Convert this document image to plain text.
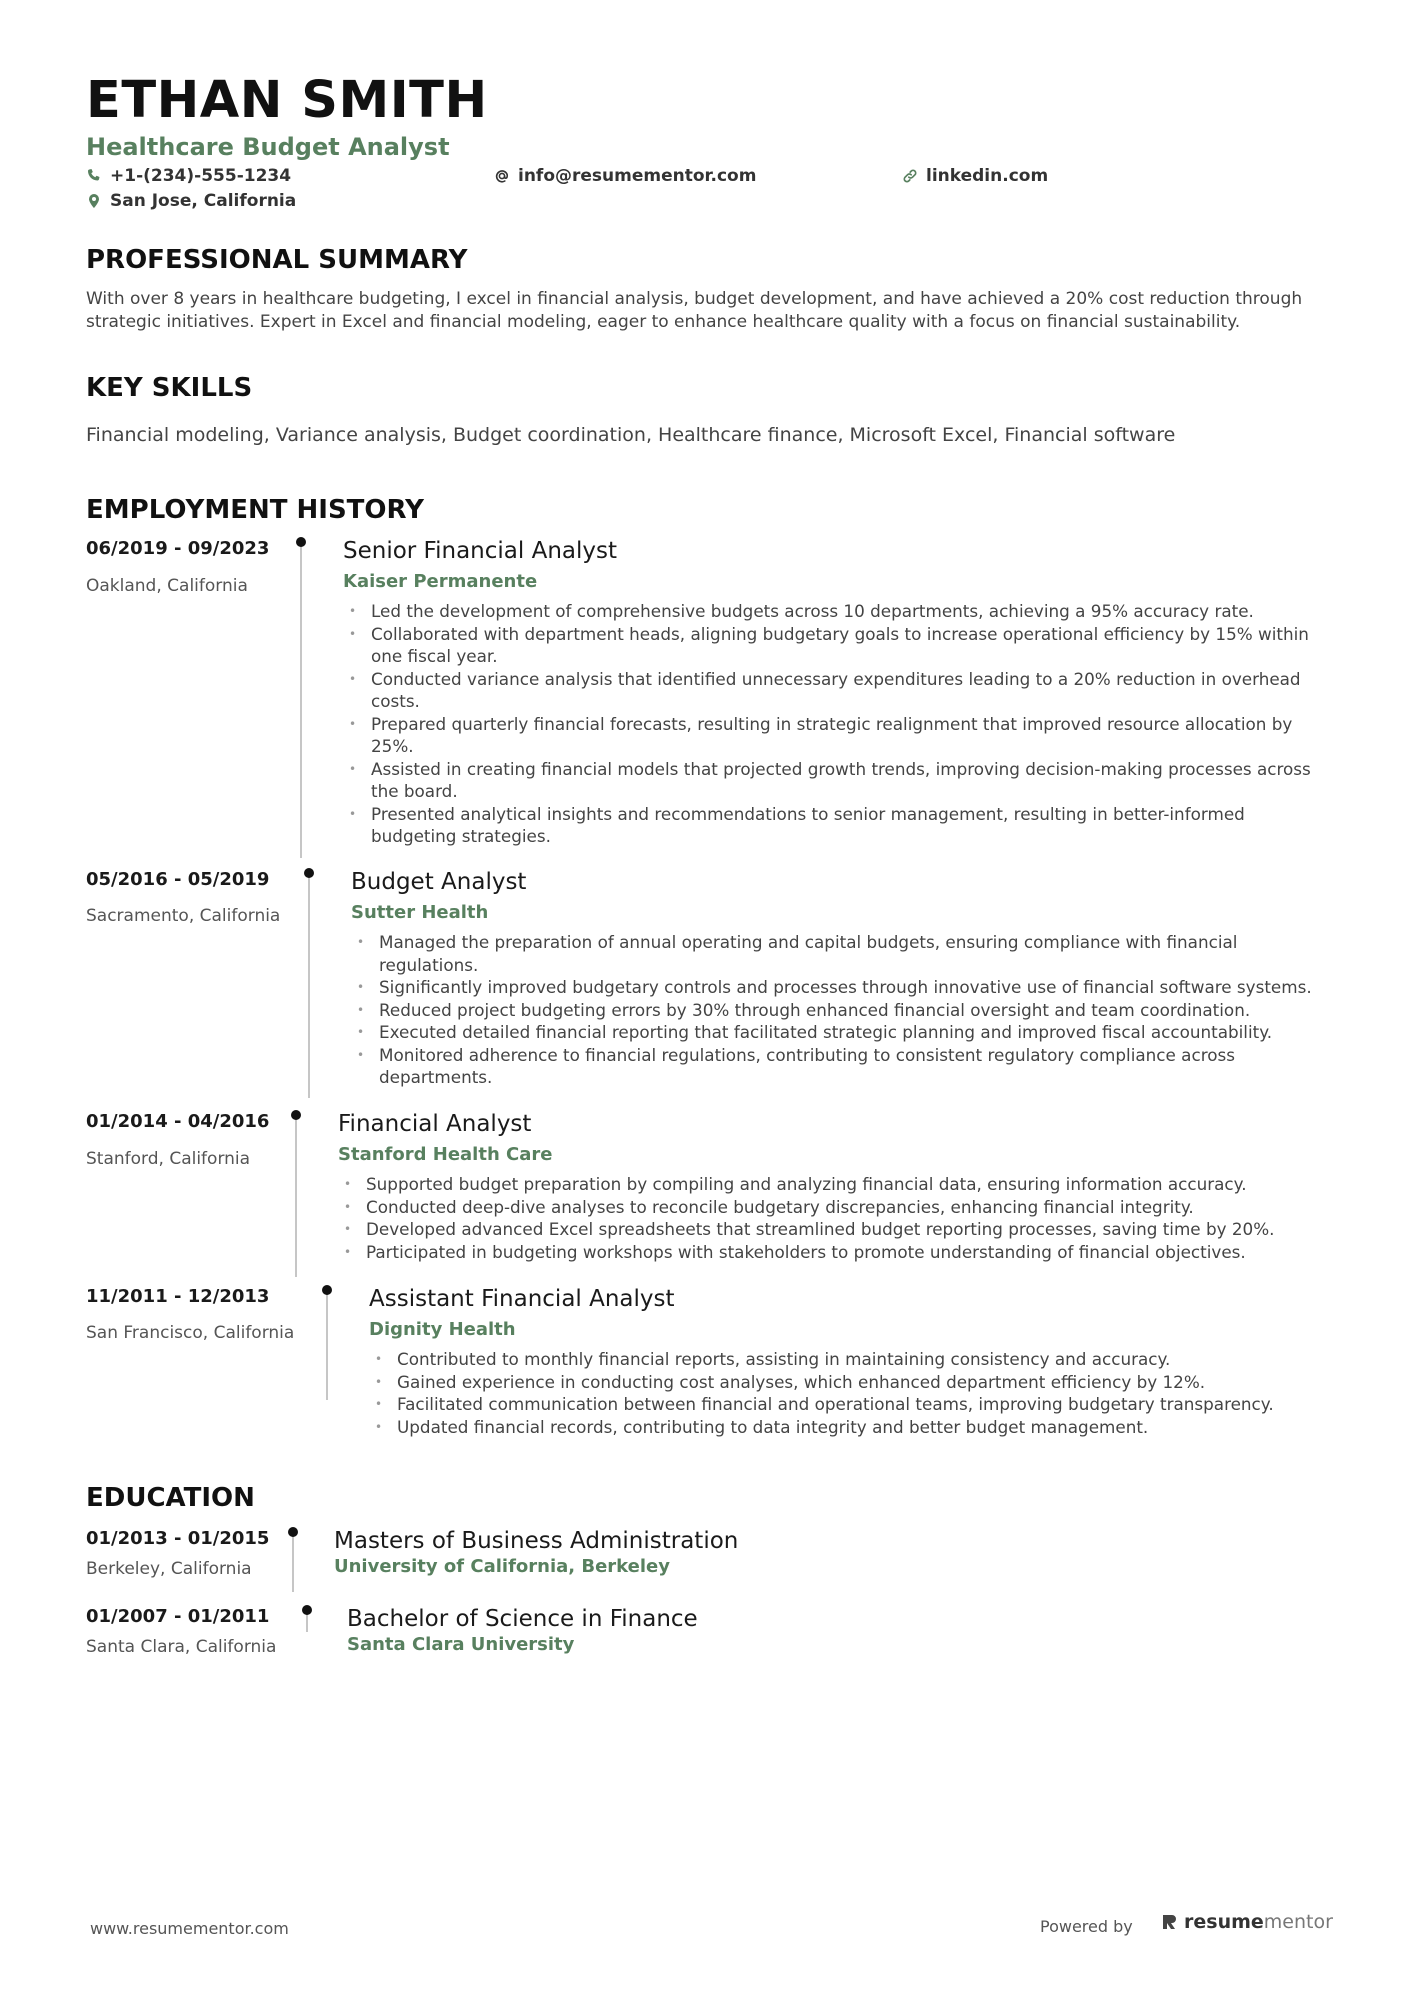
ETHAN SMITH
Healthcare Budget Analyst
+1-(234)-555-1234	info@resumementor.com	linkedin.com
San Jose, California
PROFESSIONAL SUMMARY

With over 8 years in healthcare budgeting, I excel in financial analysis, budget development, and have achieved a 20% cost reduction through strategic initiatives. Expert in Excel and financial modeling, eager to enhance healthcare quality with a focus on financial sustainability.

KEY SKILLS
Financial modeling, Variance analysis, Budget coordination, Healthcare finance, Microsoft Excel, Financial software
EMPLOYMENT HISTORY
06/2019 - 09/2023
Oakland, California
Senior Financial Analyst
Kaiser Permanente
• Led the development of comprehensive budgets across 10 departments, achieving a 95% accuracy rate.
• Collaborated with department heads, aligning budgetary goals to increase operational efficiency by 15% within one fiscal year.
• Conducted variance analysis that identified unnecessary expenditures leading to a 20% reduction in overhead costs.
• Prepared quarterly financial forecasts, resulting in strategic realignment that improved resource allocation by 25%.
• Assisted in creating financial models that projected growth trends, improving decision-making processes across the board.
• Presented analytical insights and recommendations to senior management, resulting in better-informed budgeting strategies.
05/2016 - 05/2019
Sacramento, California
Budget Analyst
Sutter Health
• Managed the preparation of annual operating and capital budgets, ensuring compliance with financial regulations.
• Significantly improved budgetary controls and processes through innovative use of financial software systems.
• Reduced project budgeting errors by 30% through enhanced financial oversight and team coordination.
• Executed detailed financial reporting that facilitated strategic planning and improved fiscal accountability.
• Monitored adherence to financial regulations, contributing to consistent regulatory compliance across departments.
01/2014 - 04/2016
Stanford, California
Financial Analyst
Stanford Health Care
• Supported budget preparation by compiling and analyzing financial data, ensuring information accuracy.
• Conducted deep-dive analyses to reconcile budgetary discrepancies, enhancing financial integrity.
• Developed advanced Excel spreadsheets that streamlined budget reporting processes, saving time by 20%.
• Participated in budgeting workshops with stakeholders to promote understanding of financial objectives.
11/2011 - 12/2013
San Francisco, California
Assistant Financial Analyst
Dignity Health
• Contributed to monthly financial reports, assisting in maintaining consistency and accuracy.
• Gained experience in conducting cost analyses, which enhanced department efficiency by 12%.
• Facilitated communication between financial and operational teams, improving budgetary transparency.
• Updated financial records, contributing to data integrity and better budget management.
EDUCATION
01/2013 - 01/2015
Berkeley, California
Masters of Business Administration
University of California, Berkeley
01/2007 - 01/2011
Santa Clara, California
Bachelor of Science in Finance
Santa Clara University
www.resumementor.com	Powered by	resumementor
